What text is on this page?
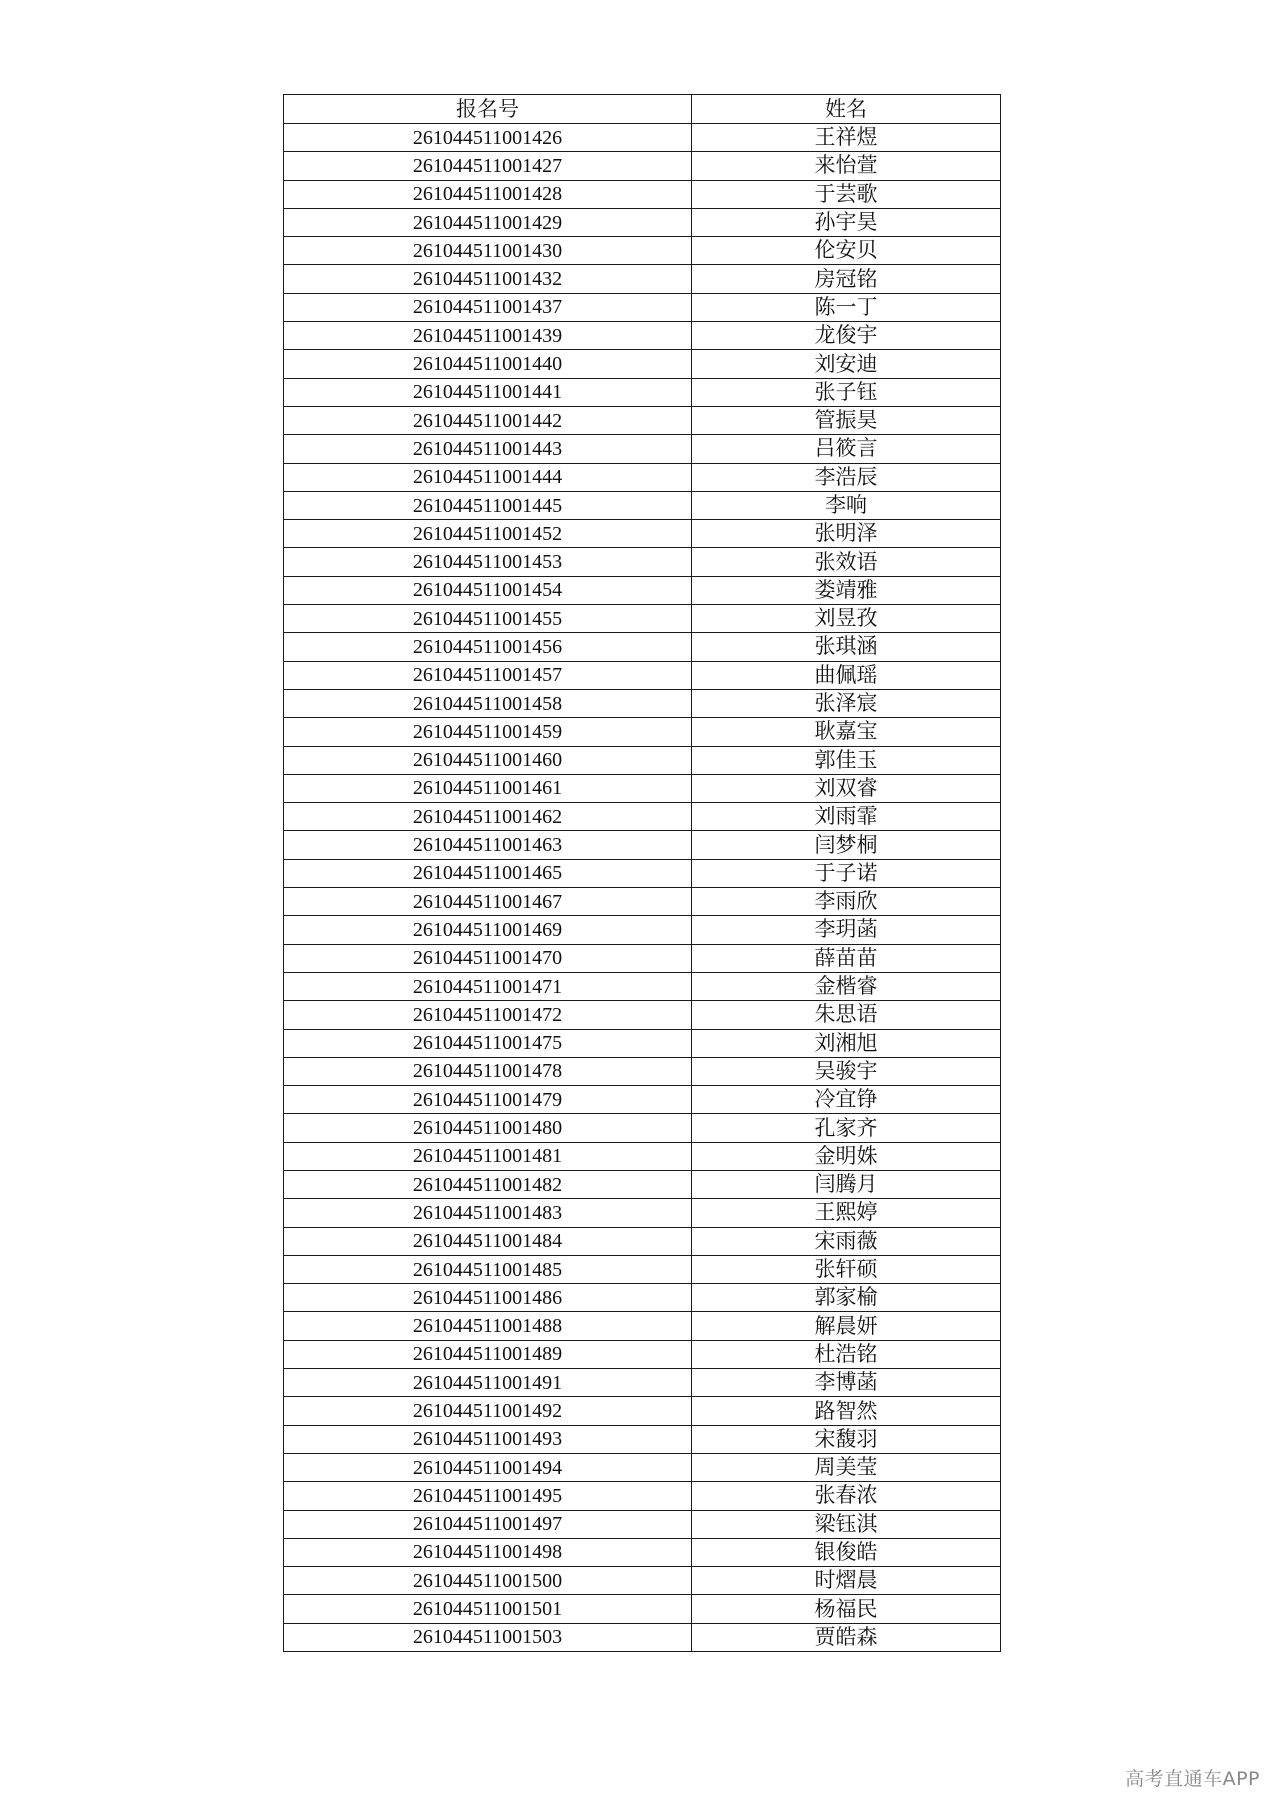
报名号	姓名
261044511001426	王祥煜
261044511001427	来怡萱
261044511001428	于芸歌
261044511001429	孙宇昊
261044511001430	伦安贝
261044511001432	房冠铭
261044511001437	陈一丁
261044511001439	龙俊宇
261044511001440	刘安迪
261044511001441	张子钰
261044511001442	管振昊
261044511001443	吕筱言
261044511001444	李浩辰
261044511001445	李响
261044511001452	张明泽
261044511001453	张效语
261044511001454	娄靖雅
261044511001455	刘昱孜
261044511001456	张琪涵
261044511001457	曲佩瑶
261044511001458	张泽宸
261044511001459	耿嘉宝
261044511001460	郭佳玉
261044511001461	刘双睿
261044511001462	刘雨霏
261044511001463	闫梦桐
261044511001465	于子诺
261044511001467	李雨欣
261044511001469	李玥菡
261044511001470	薛苗苗
261044511001471	金楷睿
261044511001472	朱思语
261044511001475	刘湘旭
261044511001478	吴骏宇
261044511001479	冷宜铮
261044511001480	孔家齐
261044511001481	金明姝
261044511001482	闫腾月
261044511001483	王熙婷
261044511001484	宋雨薇
261044511001485	张轩硕
261044511001486	郭家榆
261044511001488	解晨妍
261044511001489	杜浩铭
261044511001491	李博菡
261044511001492	路智然
261044511001493	宋馥羽
261044511001494	周美莹
261044511001495	张春浓
261044511001497	梁钰淇
261044511001498	银俊皓
261044511001500	时熠晨
261044511001501	杨福民
261044511001503	贾皓森
高考直通车APP
